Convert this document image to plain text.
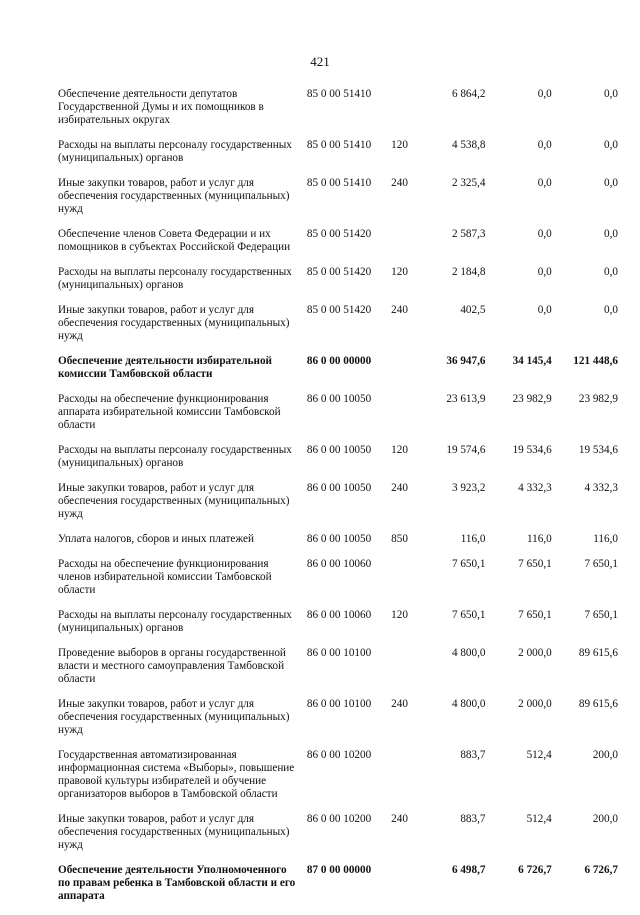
421
Обеспечение деятельности депутатов Государственной Думы и их помощников в избирательных округах	85 0 00 51410		6 864,2	0,0	0,0
Расходы на выплаты персоналу государственных (муниципальных) органов	85 0 00 51410	120	4 538,8	0,0	0,0
Иные закупки товаров, работ и услуг для обеспечения государственных (муниципальных) нужд	85 0 00 51410	240	2 325,4	0,0	0,0
Обеспечение членов Совета Федерации и их помощников в субъектах Российской Федерации	85 0 00 51420		2 587,3	0,0	0,0
Расходы на выплаты персоналу государственных (муниципальных) органов	85 0 00 51420	120	2 184,8	0,0	0,0
Иные закупки товаров, работ и услуг для обеспечения государственных (муниципальных) нужд	85 0 00 51420	240	402,5	0,0	0,0
Обеспечение деятельности избирательной комиссии Тамбовской области	86 0 00 00000		36 947,6	34 145,4	121 448,6
Расходы на обеспечение функционирования аппарата избирательной комиссии Тамбовской области	86 0 00 10050		23 613,9	23 982,9	23 982,9
Расходы на выплаты персоналу государственных (муниципальных) органов	86 0 00 10050	120	19 574,6	19 534,6	19 534,6
Иные закупки товаров, работ и услуг для обеспечения государственных (муниципальных) нужд	86 0 00 10050	240	3 923,2	4 332,3	4 332,3
Уплата налогов, сборов и иных платежей	86 0 00 10050	850	116,0	116,0	116,0
Расходы на обеспечение функционирования членов избирательной комиссии Тамбовской области	86 0 00 10060		7 650,1	7 650,1	7 650,1
Расходы на выплаты персоналу государственных (муниципальных) органов	86 0 00 10060	120	7 650,1	7 650,1	7 650,1
Проведение выборов в органы государственной власти и местного самоуправления Тамбовской области	86 0 00 10100		4 800,0	2 000,0	89 615,6
Иные закупки товаров, работ и услуг для обеспечения государственных (муниципальных) нужд	86 0 00 10100	240	4 800,0	2 000,0	89 615,6
Государственная автоматизированная информационная система «Выборы», повышение правовой культуры избирателей и обучение организаторов выборов в Тамбовской области	86 0 00 10200		883,7	512,4	200,0
Иные закупки товаров, работ и услуг для обеспечения государственных (муниципальных) нужд	86 0 00 10200	240	883,7	512,4	200,0
Обеспечение деятельности Уполномоченного по правам ребенка в Тамбовской области и его аппарата	87 0 00 00000		6 498,7	6 726,7	6 726,7
